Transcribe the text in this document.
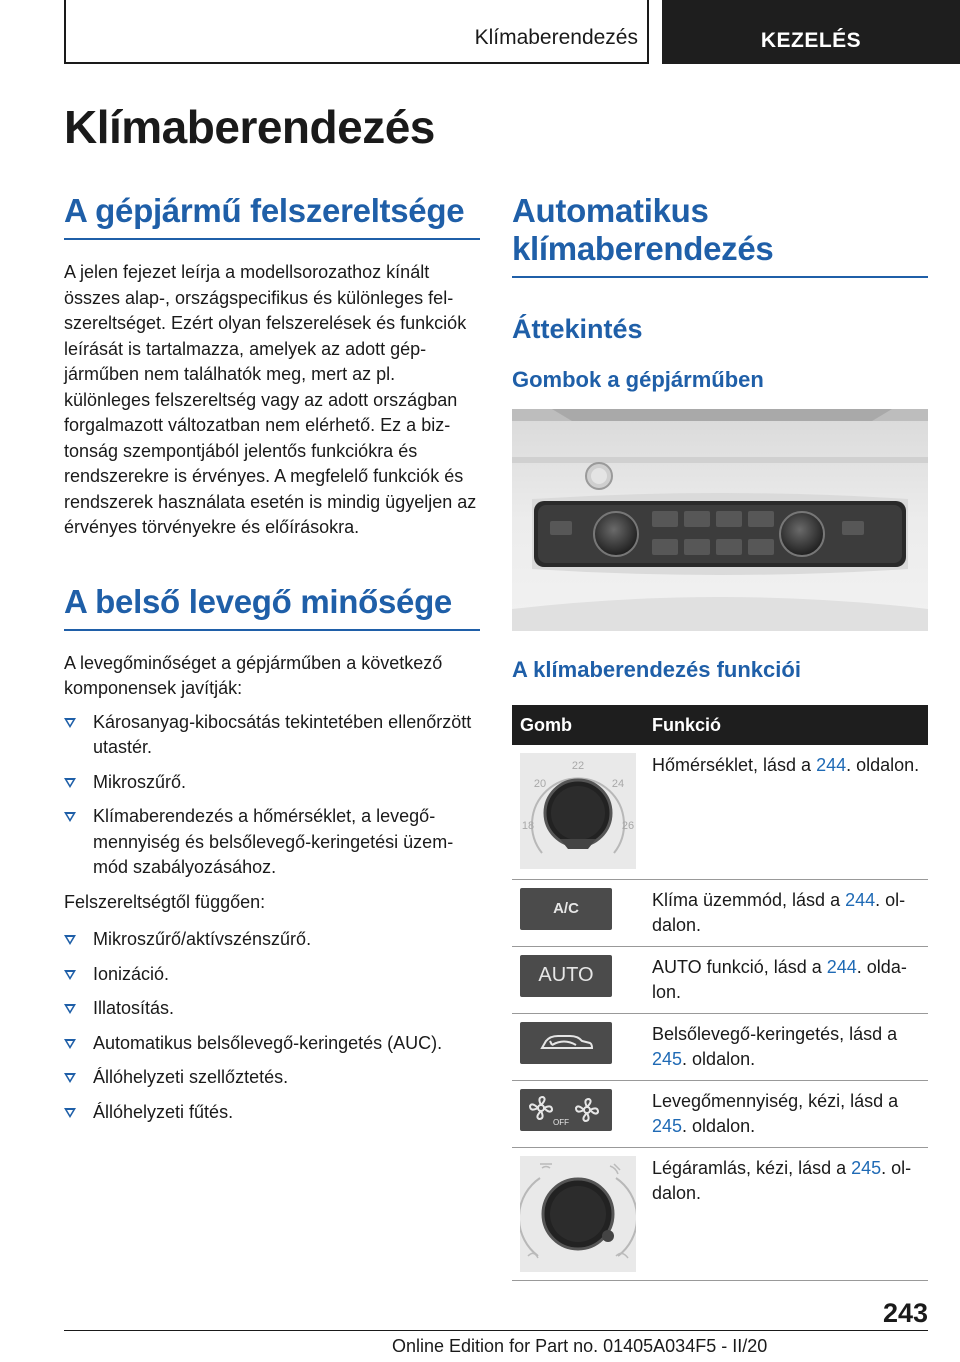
Klímaberendezés	KEZELÉS
Klímaberendezés
A gépjármű felszereltsége

A jelen fejezet leírja a modellsorozathoz kínált összes alap-, országspecifikus és különleges felszereltséget. Ezért olyan felszerelések és funkciók leírását is tartalmazza, amelyek az adott gépjárműben nem találhatók meg, mert az pl. különleges felszereltség vagy az adott országban forgalmazott változatban nem elérhető. Ez a biztonság szempontjából jelentős funkciókra és rendszerekre is érvényes. A megfelelő funkciók és rendszerek használata esetén is mindig ügyeljen az érvényes törvényekre és előírásokra.

A belső levegő minősége

A levegőminőséget a gépjárműben a következő komponensek javítják:

Károsanyag-kibocsátás tekintetében ellenőrzött utastér.
Mikroszűrő.
Klímaberendezés a hőmérséklet, a levegőmennyiség és belsőlevegő-keringetési üzemmód szabályozásához.

Felszereltségtől függően:

Mikroszűrő/aktívszénszűrő.
Ionizáció.
Illatosítás.
Automatikus belsőlevegő-keringetés (AUC).
Állóhelyzeti szellőztetés.
Állóhelyzeti fűtés.
Automatikus klímaberendezés
Áttekintés
Gombok a gépjárműben
A klímaberendezés funkciói
Gomb	Funkció

22
20 24
18 26	Hőmérséklet, lásd a 244. oldalon.

A/C	Klíma üzemmód, lásd a 244. oldalon.

AUTO	AUTO funkció, lásd a 244. oldalon.

	Belsőlevegő-keringetés, lásd a 245. oldalon.

OFF	Levegőmennyiség, kézi, lásd a 245. oldalon.

	Légáramlás, kézi, lásd a 245. oldalon.
243
Online Edition for Part no. 01405A034F5 - II/20
